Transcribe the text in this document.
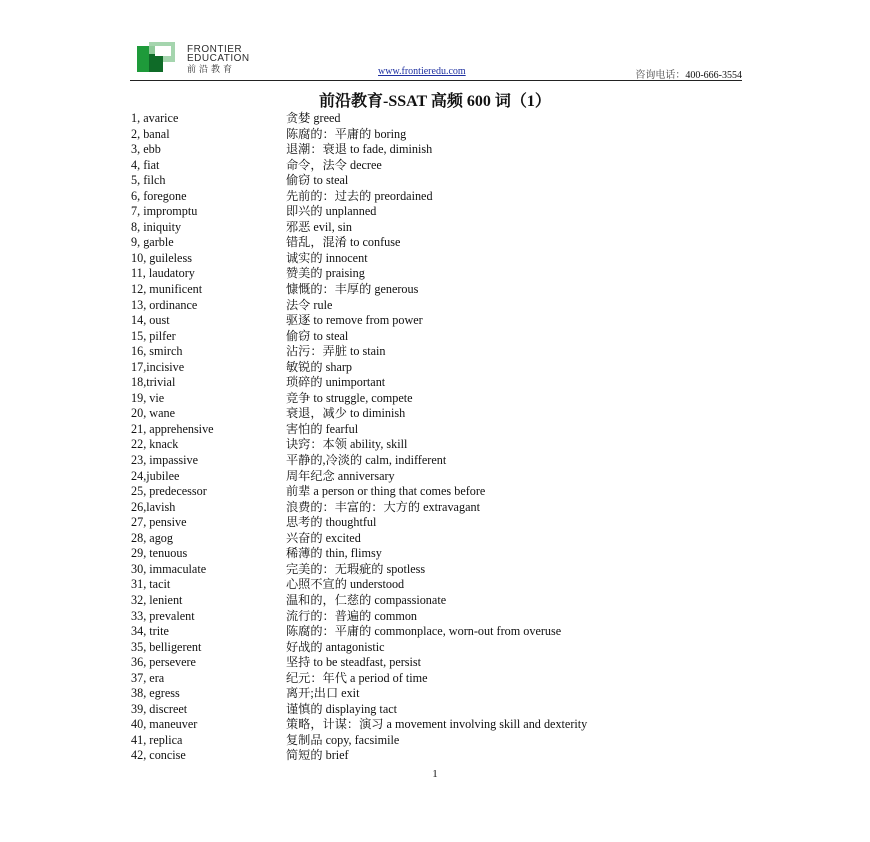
FRONTIER
EDUCATION
前沿教育	www.frontieredu.com	咨询电话：400-666-3554
前沿教育-SSAT 高频 600 词（1）
1, avarice	贪婪 greed
2, banal	陈腐的：平庸的 boring
3, ebb	退潮：衰退 to fade, diminish
4, fiat	命令，法令 decree
5, filch	偷窃 to steal
6, foregone	先前的：过去的 preordained
7, impromptu	即兴的 unplanned
8, iniquity	邪恶 evil, sin
9, garble	错乱，混淆 to confuse
10, guileless	诚实的 innocent
11, laudatory	赞美的 praising
12, munificent	慷慨的：丰厚的 generous
13, ordinance	法令 rule
14, oust	驱逐 to remove from power
15, pilfer	偷窃 to steal
16, smirch	沾污：弄脏 to stain
17,incisive	敏锐的 sharp
18,trivial	琐碎的 unimportant
19, vie	竞争 to struggle, compete
20, wane	衰退，减少 to diminish
21, apprehensive	害怕的 fearful
22, knack	诀窍：本领 ability, skill
23, impassive	平静的,冷淡的 calm, indifferent
24,jubilee	周年纪念 anniversary
25, predecessor	前辈 a person or thing that comes before
26,lavish	浪费的：丰富的：大方的 extravagant
27, pensive	思考的 thoughtful
28, agog	兴奋的 excited
29, tenuous	稀薄的 thin, flimsy
30, immaculate	完美的：无瑕疵的 spotless
31, tacit	心照不宣的 understood
32, lenient	温和的，仁慈的 compassionate
33, prevalent	流行的：普遍的 common
34, trite	陈腐的：平庸的 commonplace, worn-out from overuse
35, belligerent	好战的 antagonistic
36, persevere	坚持 to be steadfast, persist
37, era	纪元：年代 a period of time
38, egress	离开;出口 exit
39, discreet	谨慎的 displaying tact
40, maneuver	策略，计谋：演习 a movement involving skill and dexterity
41, replica	复制品 copy, facsimile
42, concise	简短的 brief
1
